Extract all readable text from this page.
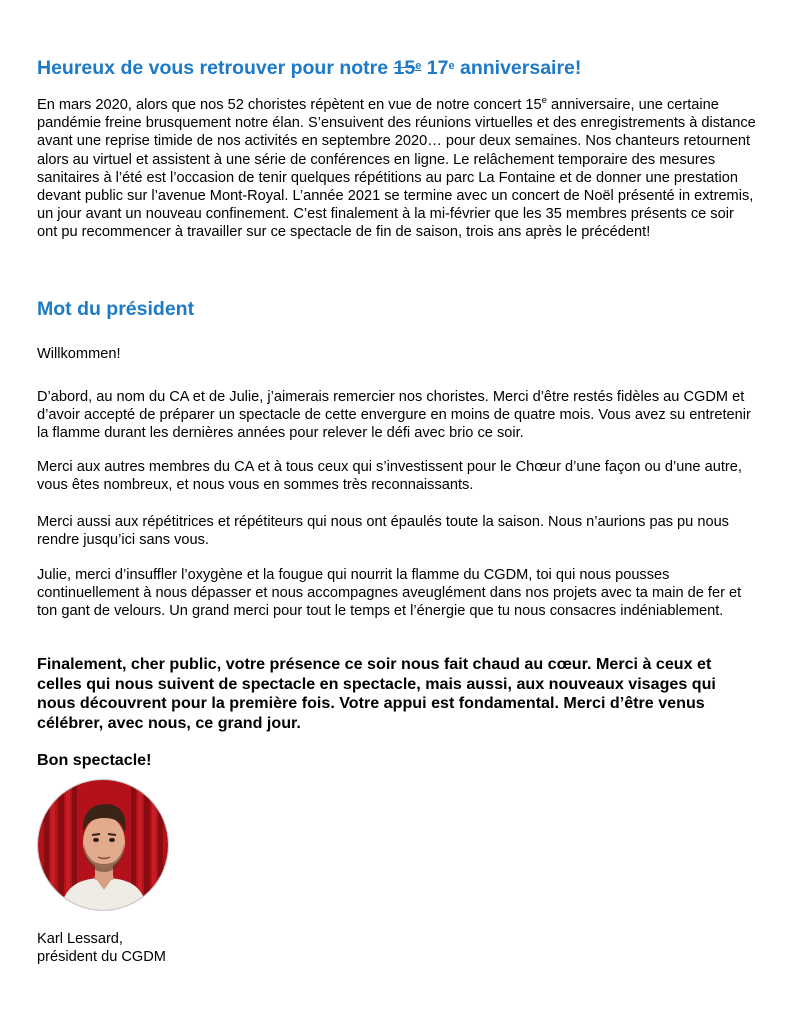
Heureux de vous retrouver pour notre 15e 17e anniversaire!
En mars 2020, alors que nos 52 choristes répètent en vue de notre concert 15e anniversaire, une certaine pandémie freine brusquement notre élan. S’ensuivent des réunions virtuelles et des enregistrements à distance avant une reprise timide de nos activités en septembre 2020… pour deux semaines. Nos chanteurs retournent alors au virtuel et assistent à une série de conférences en ligne. Le relâchement temporaire des mesures sanitaires à l’été est l’occasion de tenir quelques répétitions au parc La Fontaine et de donner une prestation devant public sur l’avenue Mont-Royal. L’année 2021 se termine avec un concert de Noël présenté in extremis, un jour avant un nouveau confinement. C’est finalement à la mi-février que les 35 membres présents ce soir ont pu recommencer à travailler sur ce spectacle de fin de saison, trois ans après le précédent!
Mot du président
Willkommen!
D’abord, au nom du CA et de Julie, j’aimerais remercier nos choristes. Merci d’être restés fidèles au CGDM et d’avoir accepté de préparer un spectacle de cette envergure en moins de quatre mois. Vous avez su entretenir la flamme durant les dernières années pour relever le défi avec brio ce soir.
Merci aux autres membres du CA et à tous ceux qui s’investissent pour le Chœur d’une façon ou d’une autre, vous êtes nombreux, et nous vous en sommes très reconnaissants.
Merci aussi aux répétitrices et répétiteurs qui nous ont épaulés toute la saison. Nous n’aurions pas pu nous rendre jusqu’ici sans vous.
Julie, merci d’insuffler l’oxygène et la fougue qui nourrit la flamme du CGDM, toi qui nous pousses continuellement à nous dépasser et nous accompagnes aveuglément dans nos projets avec ta main de fer et ton gant de velours. Un grand merci pour tout le temps et l’énergie que tu nous consacres indéniablement.
Finalement, cher public, votre présence ce soir nous fait chaud au cœur. Merci à ceux et celles qui nous suivent de spectacle en spectacle, mais aussi, aux nouveaux visages qui nous découvrent pour la première fois. Votre appui est fondamental. Merci d’être venus célébrer, avec nous, ce grand jour.
Bon spectacle!
Karl Lessard,
président du CGDM
